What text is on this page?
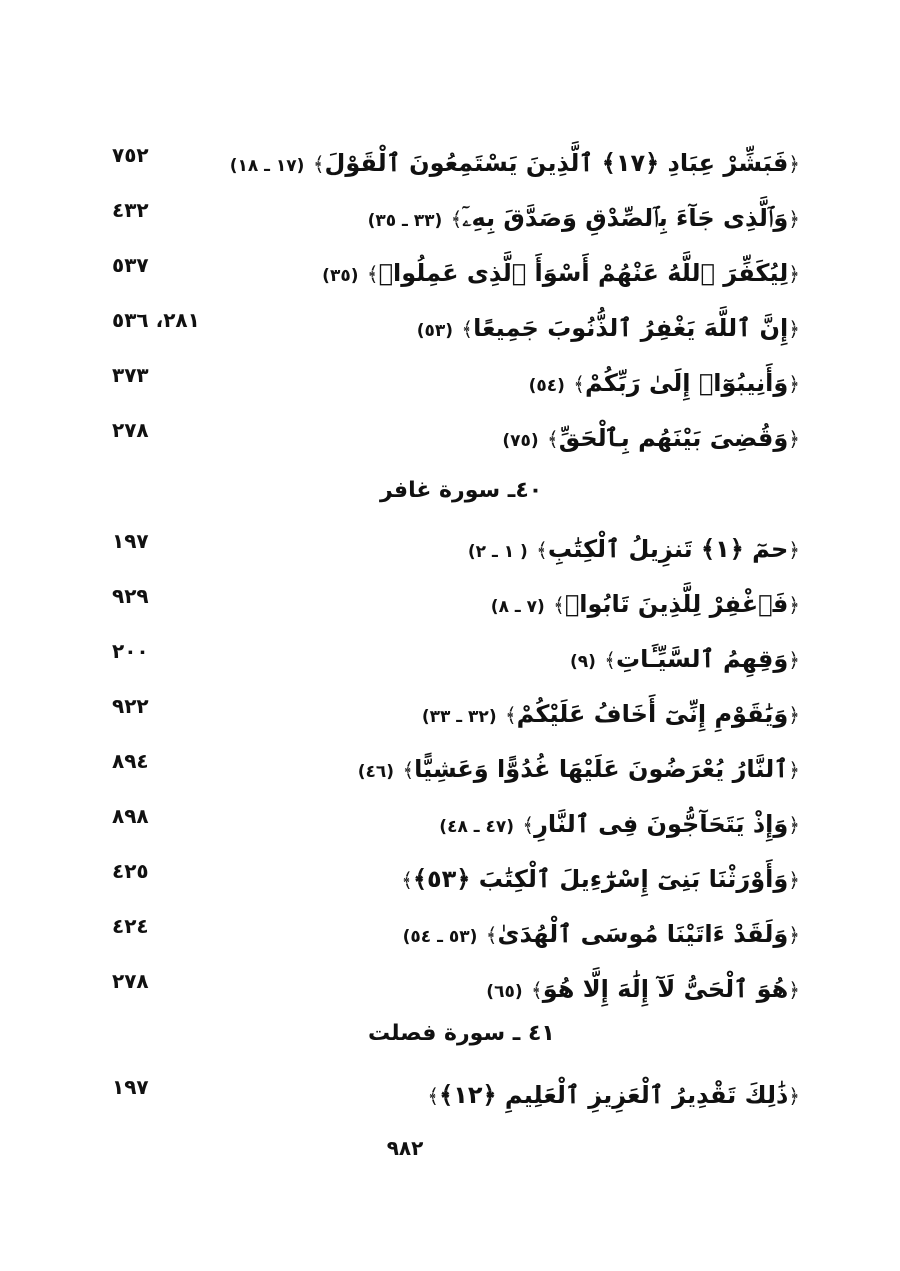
﴿فَبَشِّرْ عِبَادِ ﴿١٧﴾ ٱلَّذِينَ يَسْتَمِعُونَ ٱلْقَوْلَ﴾ (١٧ ـ ١٨)
٧٥٢
﴿وَٱلَّذِى جَآءَ بِٱلصِّدْقِ وَصَدَّقَ بِهِۦٓ﴾ (٣٣ ـ ٣٥)
٤٣٢
﴿لِيُكَفِّرَ ٱللَّهُ عَنْهُمْ أَسْوَأَ ٱلَّذِى عَمِلُوا۟﴾ (٣٥)
٥٣٧
﴿إِنَّ ٱللَّهَ يَغْفِرُ ٱلذُّنُوبَ جَمِيعًا﴾ (٥٣)
٢٨١، ٥٣٦
﴿وَأَنِيبُوٓا۟ إِلَىٰ رَبِّكُمْ﴾ (٥٤)
٣٧٣
﴿وَقُضِىَ بَيْنَهُم بِٱلْحَقِّ﴾ (٧٥)
٢٧٨
٤٠ـ سورة غافر
﴿حمٓ ﴿١﴾ تَنزِيلُ ٱلْكِتَٰبِ﴾ ( ١ ـ ٢)
١٩٧
﴿فَٱغْفِرْ لِلَّذِينَ تَابُوا۟﴾ (٧ ـ ٨)
٩٢٩
﴿وَقِهِمُ ٱلسَّيِّـَٔاتِ﴾ (٩)
٢٠٠
﴿وَيَٰقَوْمِ إِنِّىٓ أَخَافُ عَلَيْكُمْ﴾ (٣٢ ـ ٣٣)
٩٢٢
﴿ٱلنَّارُ يُعْرَضُونَ عَلَيْهَا غُدُوًّا وَعَشِيًّا﴾ (٤٦)
٨٩٤
﴿وَإِذْ يَتَحَآجُّونَ فِى ٱلنَّارِ﴾ (٤٧ ـ ٤٨)
٨٩٨
﴿وَأَوْرَثْنَا بَنِىٓ إِسْرَٰٓءِيلَ ٱلْكِتَٰبَ ﴿٥٣﴾﴾
٤٢٥
﴿وَلَقَدْ ءَاتَيْنَا مُوسَى ٱلْهُدَىٰ﴾ (٥٣ ـ ٥٤)
٤٢٤
﴿هُوَ ٱلْحَىُّ لَآ إِلَٰهَ إِلَّا هُوَ﴾ (٦٥)
٢٧٨
٤١ ـ سورة فصلت
﴿ذَٰلِكَ تَقْدِيرُ ٱلْعَزِيزِ ٱلْعَلِيمِ ﴿١٢﴾﴾
١٩٧
٩٨٢
